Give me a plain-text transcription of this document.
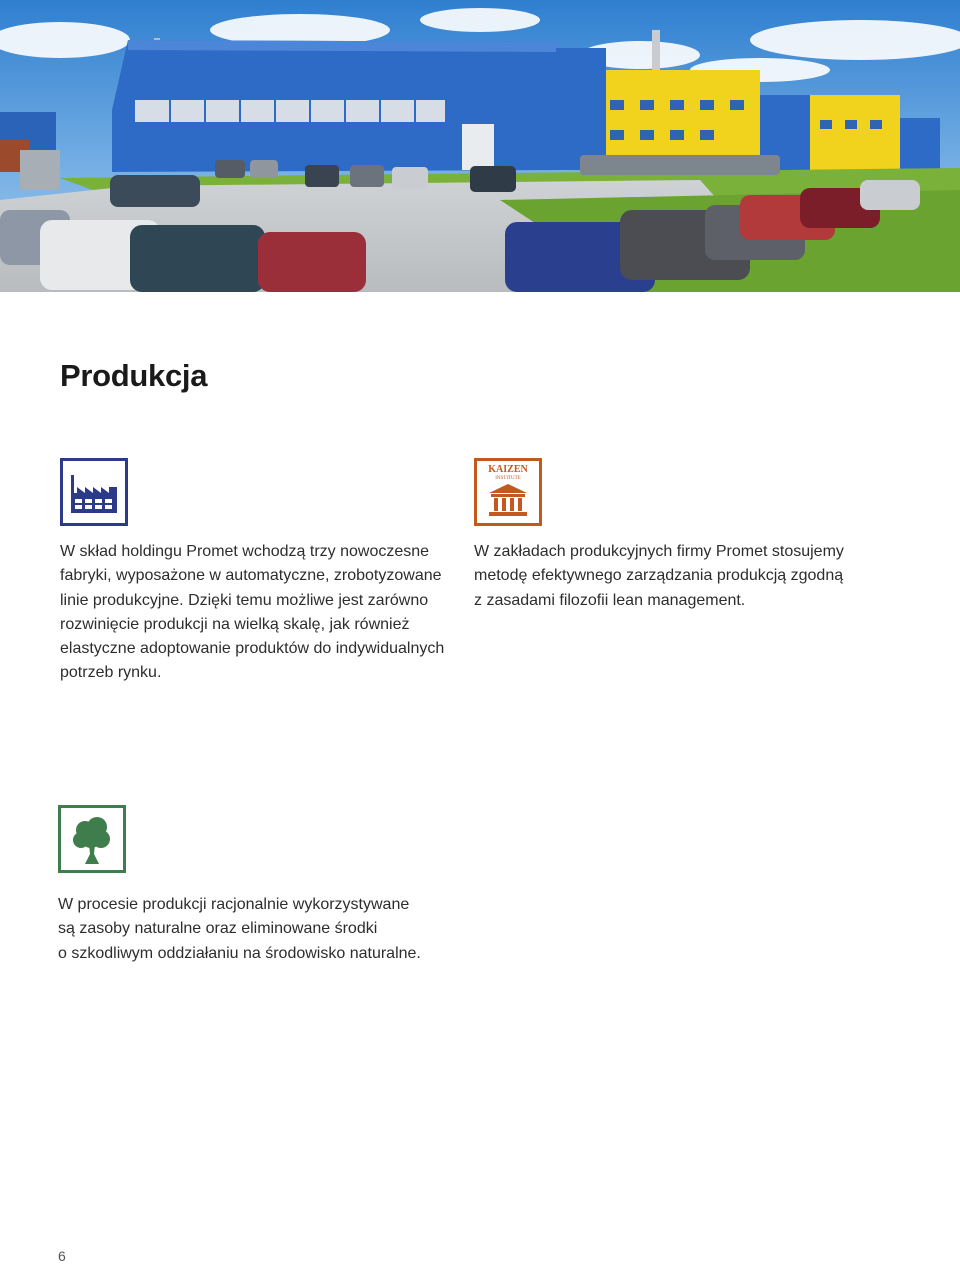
Produkcja
KAIZEN
INSTITUTE

W skład holdingu Promet wchodzą trzy nowoczesne
fabryki, wyposażone w automatyczne, zrobotyzowane
linie produkcyjne. Dzięki temu możliwe jest zarówno
rozwinięcie produkcji na wielką skalę, jak również
elastyczne adoptowanie produktów do indywidualnych
potrzeb rynku.

W zakładach produkcyjnych firmy Promet stosujemy
metodę efektywnego zarządzania produkcją zgodną
z zasadami filozofii lean management.

W procesie produkcji racjonalnie wykorzystywane
są zasoby naturalne oraz eliminowane środki
o szkodliwym oddziałaniu na środowisko naturalne.

6
